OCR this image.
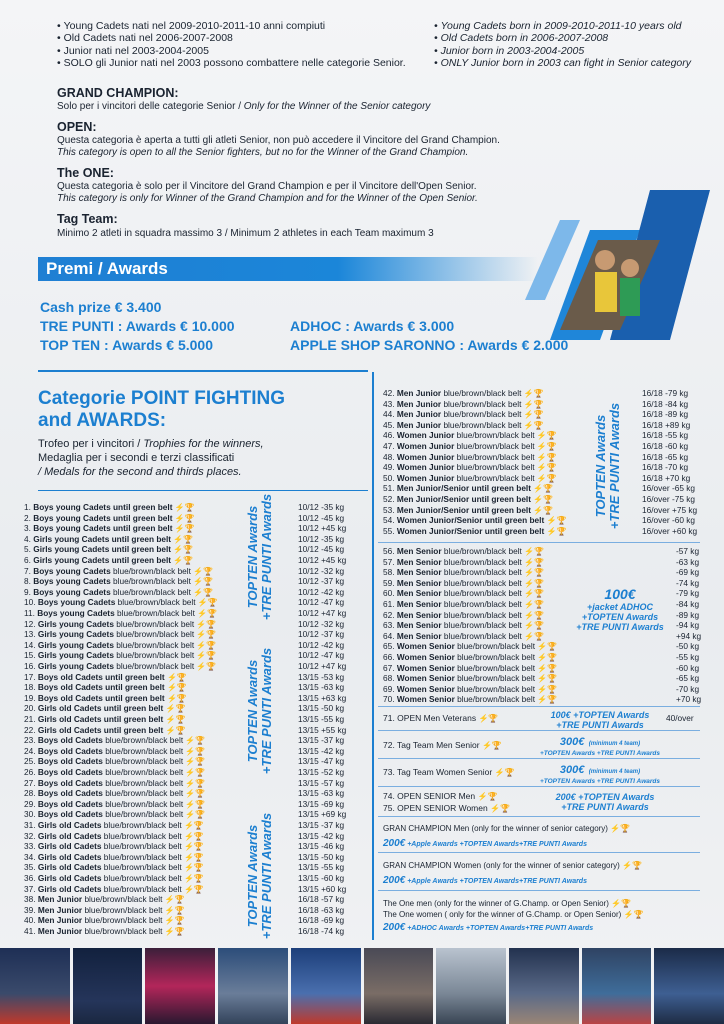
• Young Cadets nati nel 2009-2010-2011-10 anni compiuti
• Old Cadets nati nel 2006-2007-2008
• Junior nati nel 2003-2004-2005
• SOLO gli Junior nati nel 2003 possono combattere nelle categorie Senior.
• Young Cadets born in 2009-2010-2011-10 years old
• Old Cadets born in 2006-2007-2008
• Junior born in 2003-2004-2005
• ONLY Junior born in 2003 can fight in Senior category
GRAND CHAMPION:
Solo per i vincitori delle categorie Senior / Only for the Winner of the Senior category
OPEN:
Questa categoria è aperta a tutti gli atleti Senior, non può accedere il Vincitore del Grand Champion.
This category is open to all the Senior fighters, but no for the Winner of the Grand Champion.
The ONE:
Questa categoria è solo per il Vincitore del Grand Champion e per il Vincitore dell'Open Senior.
This category is only for Winner of the Grand Champion and for the Winner of the Open Senior.
Tag Team:
Minimo 2 atleti in squadra massimo 3 / Minimum 2 athletes in each Team maximum 3
Premi / Awards
Cash prize € 3.400
TRE PUNTI : Awards € 10.000
TOP TEN : Awards € 5.000
ADHOC : Awards € 3.000
APPLE SHOP SARONNO : Awards € 2.000
Categorie POINT FIGHTING
and AWARDS:
Trofeo per i vincitori / Trophies for the winners,
Medaglia per i secondi e terzi classificati
/ Medals for the second and thirds places.
1. Boys young Cadets until green belt ⚡🏆	10/12 -35 kg
2. Boys young Cadets until green belt ⚡🏆	10/12 -45 kg
3. Boys young Cadets until green belt ⚡🏆	10/12 +45 kg
4. Girls young Cadets until green belt ⚡🏆	10/12 -35 kg
5. Girls young Cadets until green belt ⚡🏆	10/12 -45 kg
6. Girls young Cadets until green belt ⚡🏆	10/12 +45 kg
7. Boys young Cadets blue/brown/black belt ⚡🏆	10/12 -32 kg
8. Boys young Cadets blue/brown/black belt ⚡🏆	10/12 -37 kg
9. Boys young Cadets blue/brown/black belt ⚡🏆	10/12 -42 kg
10. Boys young Cadets blue/brown/black belt ⚡🏆	10/12 -47 kg
11. Boys young Cadets blue/brown/black belt ⚡🏆	10/12 +47 kg
12. Girls young Cadets blue/brown/black belt ⚡🏆	10/12 -32 kg
13. Girls young Cadets blue/brown/black belt ⚡🏆	10/12 -37 kg
14. Girls young Cadets blue/brown/black belt ⚡🏆	10/12 -42 kg
15. Girls young Cadets blue/brown/black belt ⚡🏆	10/12 -47 kg
16. Girls young Cadets blue/brown/black belt ⚡🏆	10/12 +47 kg
17. Boys old Cadets until green belt ⚡🏆	13/15 -53 kg
18. Boys old Cadets until green belt ⚡🏆	13/15 -63 kg
19. Boys old Cadets until green belt ⚡🏆	13/15 +63 kg
20. Girls old Cadets until green belt ⚡🏆	13/15 -50 kg
21. Girls old Cadets until green belt ⚡🏆	13/15 -55 kg
22. Girls old Cadets until green belt ⚡🏆	13/15 +55 kg
23. Boys old Cadets blue/brown/black belt ⚡🏆	13/15 -37 kg
24. Boys old Cadets blue/brown/black belt ⚡🏆	13/15 -42 kg
25. Boys old Cadets blue/brown/black belt ⚡🏆	13/15 -47 kg
26. Boys old Cadets blue/brown/black belt ⚡🏆	13/15 -52 kg
27. Boys old Cadets blue/brown/black belt ⚡🏆	13/15 -57 kg
28. Boys old Cadets blue/brown/black belt ⚡🏆	13/15 -63 kg
29. Boys old Cadets blue/brown/black belt ⚡🏆	13/15 -69 kg
30. Boys old Cadets blue/brown/black belt ⚡🏆	13/15 +69 kg
31. Girls old Cadets blue/brown/black belt ⚡🏆	13/15 -37 kg
32. Girls old Cadets blue/brown/black belt ⚡🏆	13/15 -42 kg
33. Girls old Cadets blue/brown/black belt ⚡🏆	13/15 -46 kg
34. Girls old Cadets blue/brown/black belt ⚡🏆	13/15 -50 kg
35. Girls old Cadets blue/brown/black belt ⚡🏆	13/15 -55 kg
36. Girls old Cadets blue/brown/black belt ⚡🏆	13/15 -60 kg
37. Girls old Cadets blue/brown/black belt ⚡🏆	13/15 +60 kg
38. Men Junior blue/brown/black belt ⚡🏆	16/18 -57 kg
39. Men Junior blue/brown/black belt ⚡🏆	16/18 -63 kg
40. Men Junior blue/brown/black belt ⚡🏆	16/18 -69 kg
41. Men Junior blue/brown/black belt ⚡🏆	16/18 -74 kg
42. Men Junior blue/brown/black belt ⚡🏆	16/18 -79 kg
43. Men Junior blue/brown/black belt ⚡🏆	16/18 -84 kg
44. Men Junior blue/brown/black belt ⚡🏆	16/18 -89 kg
45. Men Junior blue/brown/black belt ⚡🏆	16/18 +89 kg
46. Women Junior blue/brown/black belt ⚡🏆	16/18 -55 kg
47. Women Junior blue/brown/black belt ⚡🏆	16/18 -60 kg
48. Women Junior blue/brown/black belt ⚡🏆	16/18 -65 kg
49. Women Junior blue/brown/black belt ⚡🏆	16/18 -70 kg
50. Women Junior blue/brown/black belt ⚡🏆	16/18 +70 kg
51. Men Junior/Senior until green belt ⚡🏆	16/over -65 kg
52. Men Junior/Senior until green belt ⚡🏆	16/over -75 kg
53. Men Junior/Senior until green belt ⚡🏆	16/over +75 kg
54. Women Junior/Senior until green belt ⚡🏆	16/over -60 kg
55. Women Junior/Senior until green belt ⚡🏆	16/over +60 kg
56. Men Senior blue/brown/black belt ⚡🏆	-57 kg
57. Men Senior blue/brown/black belt ⚡🏆	-63 kg
58. Men Senior blue/brown/black belt ⚡🏆	-69 kg
59. Men Senior blue/brown/black belt ⚡🏆	-74 kg
60. Men Senior blue/brown/black belt ⚡🏆	-79 kg
61. Men Senior blue/brown/black belt ⚡🏆	-84 kg
62. Men Senior blue/brown/black belt ⚡🏆	-89 kg
63. Men Senior blue/brown/black belt ⚡🏆	-94 kg
64. Men Senior blue/brown/black belt ⚡🏆	+94 kg
65. Women Senior blue/brown/black belt ⚡🏆	-50 kg
66. Women Senior blue/brown/black belt ⚡🏆	-55 kg
67. Women Senior blue/brown/black belt ⚡🏆	-60 kg
68. Women Senior blue/brown/black belt ⚡🏆	-65 kg
69. Women Senior blue/brown/black belt ⚡🏆	-70 kg
70. Women Senior blue/brown/black belt ⚡🏆	+70 kg
TOPTEN Awards +TRE PUNTI Awards
TOPTEN Awards +TRE PUNTI Awards
TOPTEN Awards +TRE PUNTI Awards
TOPTEN Awards +TRE PUNTI Awards
100€
+jacket ADHOC
+TOPTEN Awards
+TRE PUNTI Awards
71. OPEN Men Veterans ⚡🏆	100€ +TOPTEN Awards
+TRE PUNTI Awards
40/over
72. Tag Team Men Senior ⚡🏆	300€ (minimum 4 team)
+TOPTEN Awards +TRE PUNTI Awards
73. Tag Team Women Senior ⚡🏆	300€ (minimum 4 team)
+TOPTEN Awards +TRE PUNTI Awards
74. OPEN SENIOR Men ⚡🏆
75. OPEN SENIOR Women ⚡🏆
200€ +TOPTEN Awards
+TRE PUNTI Awards
GRAN CHAMPION Men (only for the winner of senior category) ⚡🏆
200€ +Apple Awards +TOPTEN Awards+TRE PUNTI Awards
GRAN CHAMPION Women (only for the winner of senior category) ⚡🏆
200€ +Apple Awards +TOPTEN Awards+TRE PUNTI Awards
The One men (only for the winner of G.Champ. or Open Senior) ⚡🏆
The One women ( only for the winner of G.Champ. or Open Senior) ⚡🏆
200€ +ADHOC Awards +TOPTEN Awards+TRE PUNTI Awards
